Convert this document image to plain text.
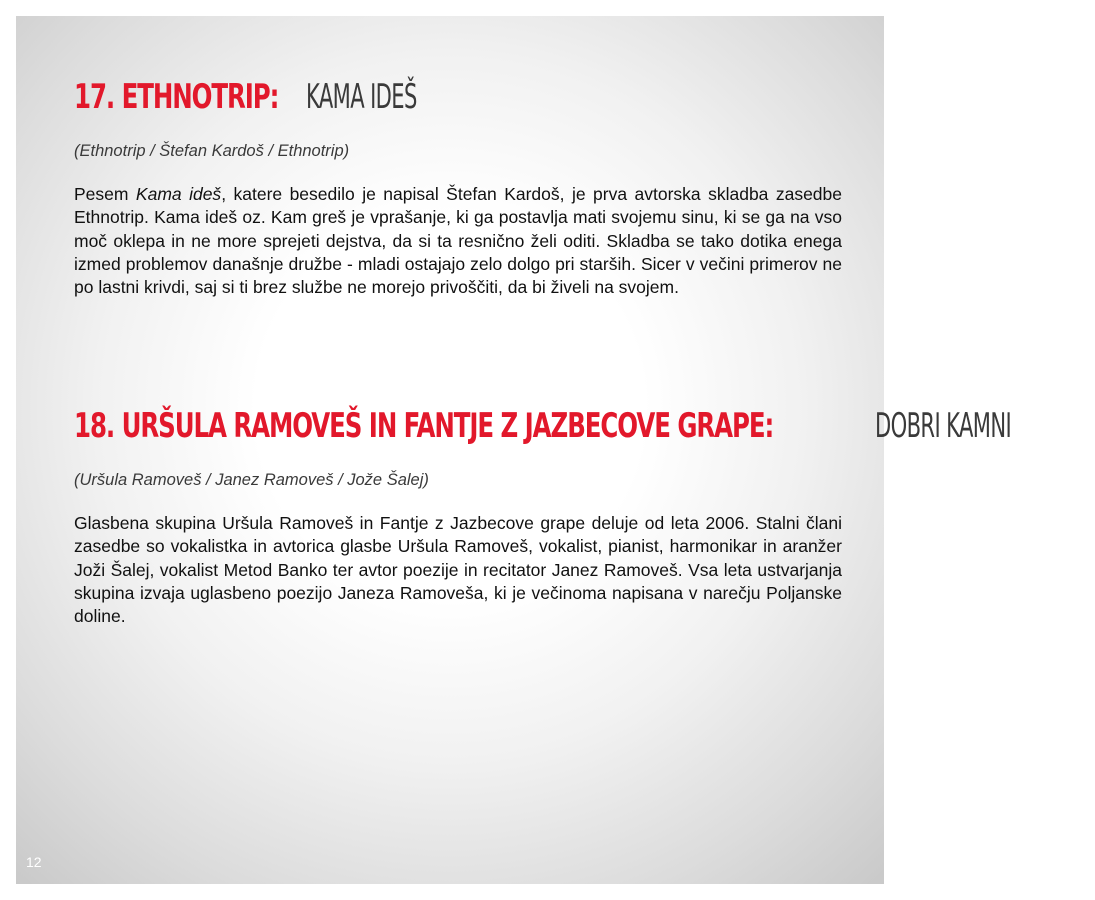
17. ETHNOTRIP: KAMA IDEŠ

(Ethnotrip / Štefan Kardoš / Ethnotrip)

Pesem Kama ideš, katere besedilo je napisal Štefan Kardoš, je prva avtorska skladba zasedbe Ethnotrip. Kama ideš oz. Kam greš je vprašanje, ki ga postavlja mati svojemu sinu, ki se ga na vso moč oklepa in ne more sprejeti dejstva, da si ta resnično želi oditi. Skladba se tako dotika enega izmed problemov današnje družbe - mladi ostajajo zelo dolgo pri starših. Sicer v večini primerov ne po lastni krivdi, saj si ti brez službe ne morejo privoščiti, da bi živeli na svojem.

18. URŠULA RAMOVEŠ IN FANTJE Z JAZBECOVE GRAPE:	DOBRI KAMNI

(Uršula Ramoveš / Janez Ramoveš / Jože Šalej)

Glasbena skupina Uršula Ramoveš in Fantje z Jazbecove grape deluje od leta 2006. Stalni člani zasedbe so vokalistka in avtorica glasbe Uršula Ramoveš, vokalist, pianist, harmonikar in aranžer Joži Šalej, vokalist Metod Banko ter avtor poezije in recitator Janez Ramoveš. Vsa leta ustvarjanja skupina izvaja uglasbeno poezijo Janeza Ramoveša, ki je večinoma napisana v narečju Poljanske doline.

12
